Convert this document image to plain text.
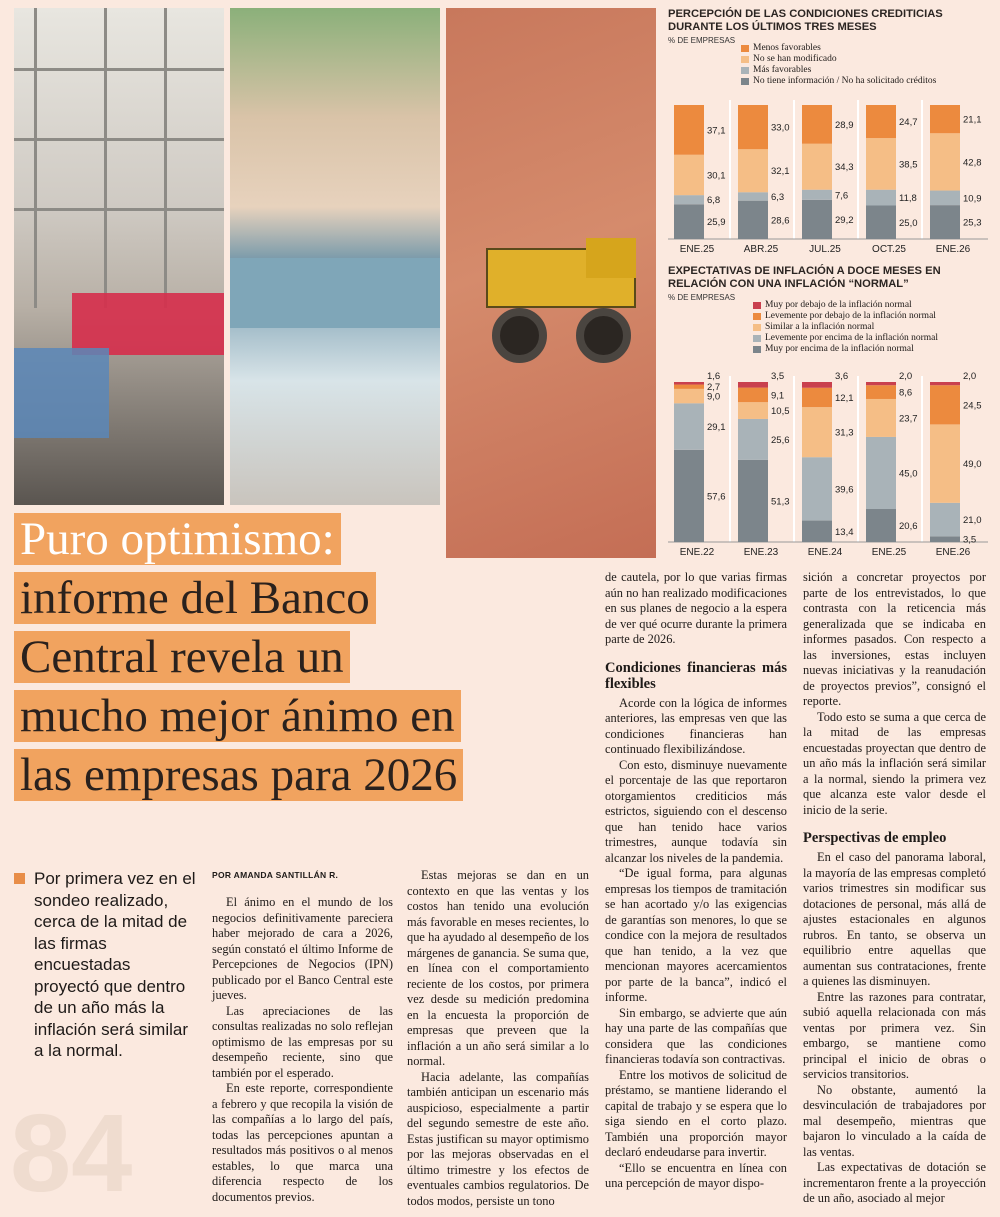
84
Puro optimismo:
informe del Banco
Central revela un
mucho mejor ánimo en
las empresas para 2026
Por primera vez en el sondeo realizado, cerca de la mitad de las firmas encuestadas proyectó que dentro de un año más la inflación será similar a la normal.
POR AMANDA SANTILLÁN R.

El ánimo en el mundo de los negocios definitivamente pareciera haber mejorado de cara a 2026, según constató el último Informe de Percepciones de Negocios (IPN) publicado por el Banco Central este jueves.

Las apreciaciones de las consultas realizadas no solo reflejan optimismo de las empresas por su desempeño reciente, sino que también por el esperado.

En este reporte, correspondiente a febrero y que recopila la visión de las compañías a lo largo del país, todas las percepciones apuntan a resultados más positivos o al menos estables, lo que marca una diferencia respecto de los documentos previos.

Estas mejoras se dan en un contexto en que las ventas y los costos han tenido una evolución más favorable en meses recientes, lo que ha ayudado al desempeño de los márgenes de ganancia. Se suma que, en línea con el comportamiento reciente de los costos, por primera vez desde su medición predomina en la encuesta la proporción de empresas que preveen que la inflación a un año será similar a lo normal.

Hacia adelante, las compañías también anticipan un escenario más auspicioso, especialmente a partir del segundo semestre de este año. Estas justifican su mayor optimismo por las mejoras observadas en el último trimestre y los efectos de eventuales cambios regulatorios. De todos modos, persiste un tono

de cautela, por lo que varias firmas aún no han realizado modificaciones en sus planes de negocio a la espera de ver qué ocurre durante la primera parte de 2026.

Condiciones financieras más flexibles

Acorde con la lógica de informes anteriores, las empresas ven que las condiciones financieras han continuado flexibilizándose.

Con esto, disminuye nuevamente el porcentaje de las que reportaron otorgamientos crediticios más estrictos, siguiendo con el descenso que han tenido hace varios trimestres, aunque todavía sin alcanzar los niveles de la pandemia.

“De igual forma, para algunas empresas los tiempos de tramitación se han acortado y/o las exigencias de garantías son menores, lo que se condice con la mejora de resultados que han tenido, a la vez que mencionan mayores acercamientos por parte de la banca”, indicó el informe.

Sin embargo, se advierte que aún hay una parte de las compañías que considera que las condiciones financieras todavía son contractivas.

Entre los motivos de solicitud de préstamo, se mantiene liderando el capital de trabajo y se espera que lo siga siendo en el corto plazo. También una proporción mayor declaró endeudarse para invertir.

“Ello se encuentra en línea con una percepción de mayor dispo-

sición a concretar proyectos por parte de los entrevistados, lo que contrasta con la reticencia más generalizada que se indicaba en informes pasados. Con respecto a las inversiones, estas incluyen nuevas iniciativas y la reanudación de proyectos previos”, consignó el reporte.

Todo esto se suma a que cerca de la mitad de las empresas encuestadas proyectan que dentro de un año más la inflación será similar a la normal, siendo la primera vez que alcanza este valor desde el inicio de la serie.

Perspectivas de empleo

En el caso del panorama laboral, la mayoría de las empresas completó varios trimestres sin modificar sus dotaciones de personal, más allá de ajustes estacionales en algunos rubros. En tanto, se observa un equilibrio entre aquellas que aumentan sus contrataciones, frente a quienes las disminuyen.

Entre las razones para contratar, subió aquella relacionada con más ventas por primera vez. Sin embargo, se mantiene como principal el inicio de obras o servicios transitorios.

No obstante, aumentó la desvinculación de trabajadores por mal desempeño, mientras que bajaron lo vinculado a la caída de las ventas.

Las expectativas de dotación se incrementaron frente a la proyección de un año, asociado al mejor

PERCEPCIÓN DE LAS CONDICIONES CREDITICIAS DURANTE LOS ÚLTIMOS TRES MESES
% DE EMPRESAS
Menos favorables
No se han modificado
Más favorables
No tiene información / No ha solicitado créditos
25,9
6,8
30,1
37,1
ENE.25
28,6
6,3
32,1
33,0
ABR.25
29,2
7,6
34,3
28,9
JUL.25
25,0
11,8
38,5
24,7
OCT.25
25,3
10,9
42,8
21,1
ENE.26
EXPECTATIVAS DE INFLACIÓN A DOCE MESES EN RELACIÓN CON UNA INFLACIÓN “NORMAL”
% DE EMPRESAS
Muy por debajo de la inflación normal
Levemente por debajo de la inflación normal
Similar a la inflación normal
Levemente por encima de la inflación normal
Muy por encima de la inflación normal
57,6
29,1
9,0
2,7
1,6
ENE.22
51,3
25,6
10,5
9,1
3,5
ENE.23
13,4
39,6
31,3
12,1
3,6
ENE.24
20,6
45,0
23,7
8,6
2,0
ENE.25
3,5
21,0
49,0
24,5
2,0
ENE.26
